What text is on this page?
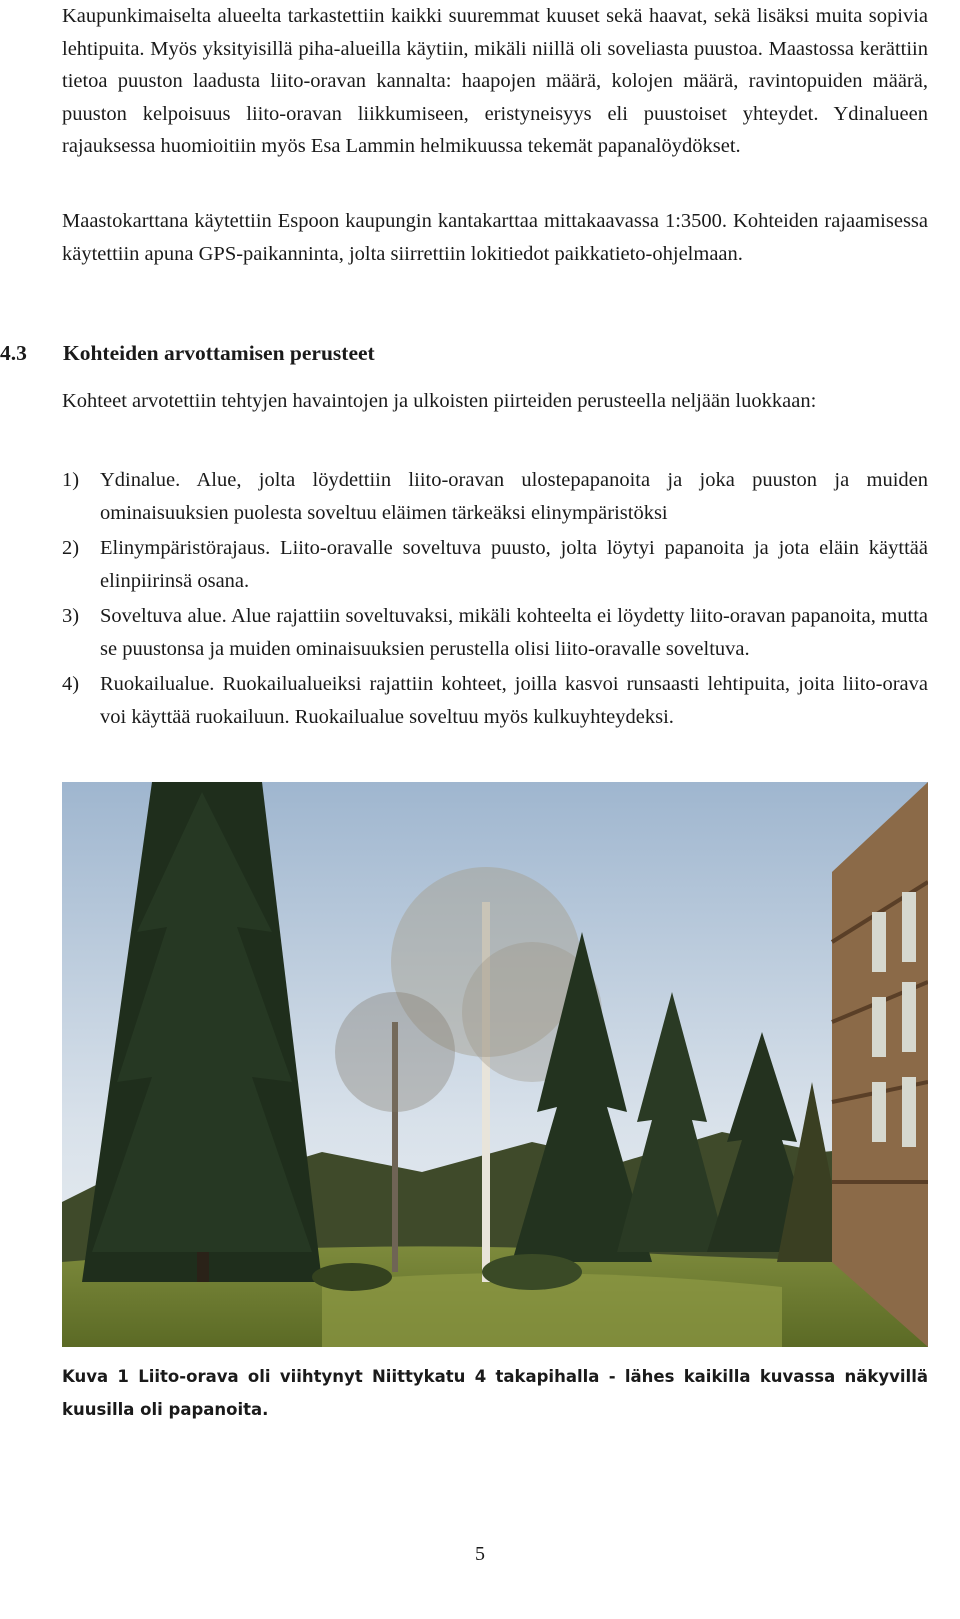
Kaupunkimaiselta alueelta tarkastettiin kaikki suuremmat kuuset sekä haavat, sekä lisäksi muita sopivia lehtipuita. Myös yksityisillä piha-alueilla käytiin, mikäli niillä oli soveliasta puustoa. Maastossa kerättiin tietoa puuston laadusta liito-oravan kannalta: haapojen määrä, kolojen määrä, ravintopuiden määrä, puuston kelpoisuus liito-oravan liikkumiseen, eristyneisyys eli puustoiset yhteydet. Ydinalueen rajauksessa huomioitiin myös Esa Lammin helmikuussa tekemät papanalöydökset.

Maastokarttana käytettiin Espoon kaupungin kantakarttaa mittakaavassa 1:3500. Kohteiden rajaamisessa käytettiin apuna GPS-paikanninta, jolta siirrettiin lokitiedot paikkatieto-ohjelmaan.

4.3 Kohteiden arvottamisen perusteet

Kohteet arvotettiin tehtyjen havaintojen ja ulkoisten piirteiden perusteella neljään luokkaan:

1) Ydinalue. Alue, jolta löydettiin liito-oravan ulostepapanoita ja joka puuston ja muiden ominaisuuksien puolesta soveltuu eläimen tärkeäksi elinympäristöksi
2) Elinympäristörajaus. Liito-oravalle soveltuva puusto, jolta löytyi papanoita ja jota eläin käyttää elinpiirinsä osana.
3) Soveltuva alue. Alue rajattiin soveltuvaksi, mikäli kohteelta ei löydetty liito-oravan papanoita, mutta se puustonsa ja muiden ominaisuuksien perustella olisi liito-oravalle soveltuva.
4) Ruokailualue. Ruokailualueiksi rajattiin kohteet, joilla kasvoi runsaasti lehtipuita, joita liito-orava voi käyttää ruokailuun. Ruokailualue soveltuu myös kulkuyhteydeksi.

Kuva 1 Liito-orava oli viihtynyt Niittykatu 4 takapihalla - lähes kaikilla kuvassa näkyvillä kuusilla oli papanoita.

5
